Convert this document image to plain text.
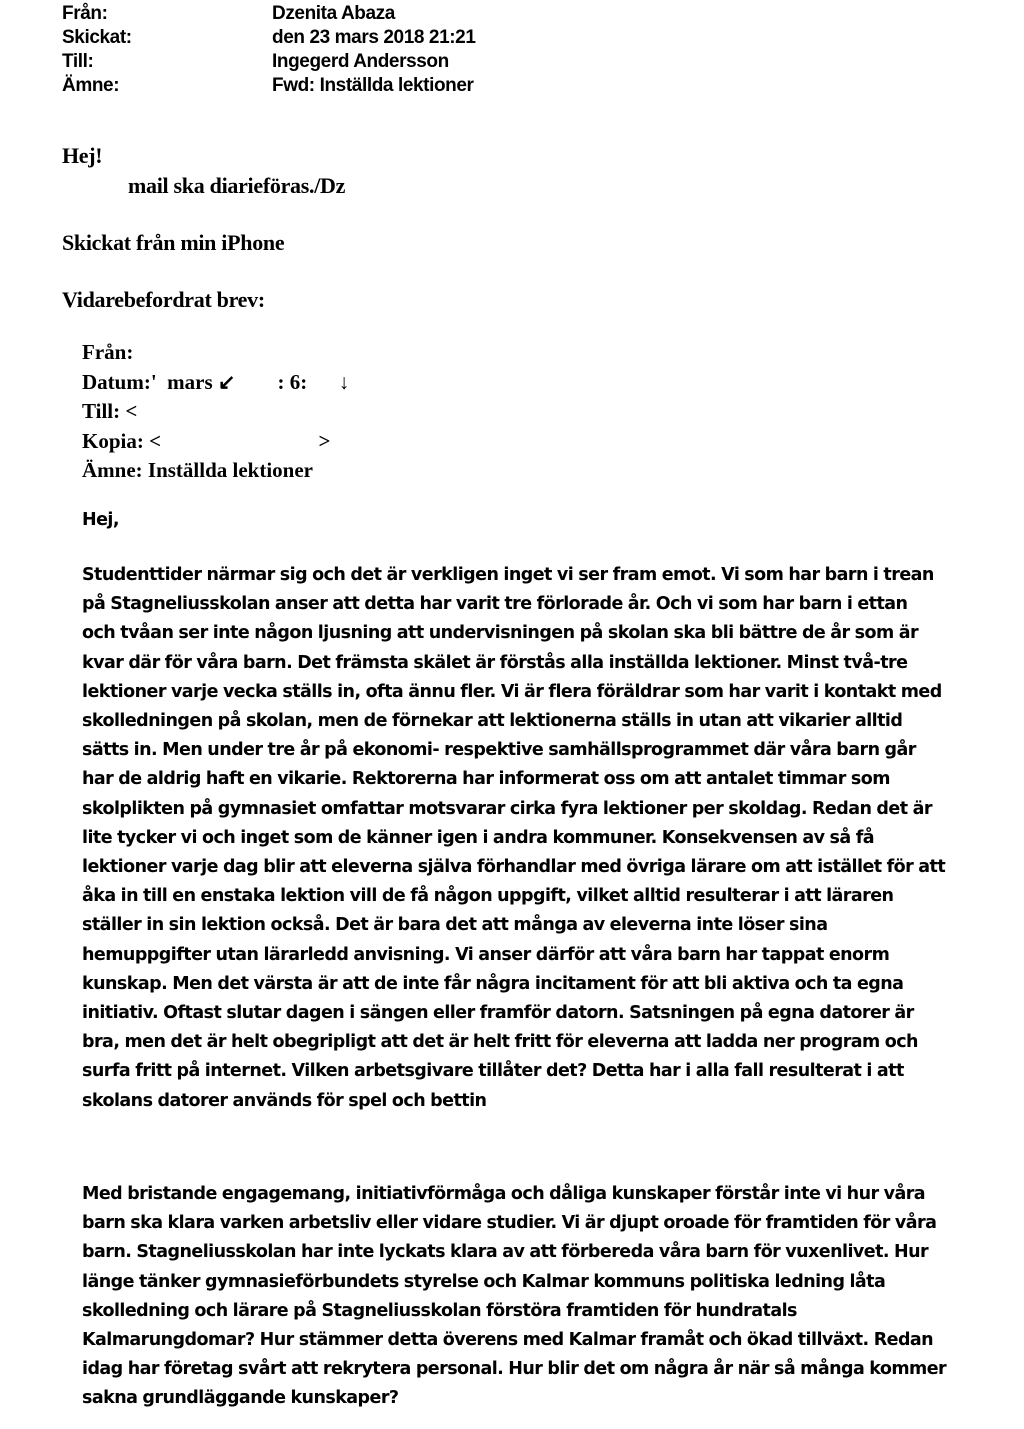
Från:	Dzenita Abaza
Skickat:	den 23 mars 2018 21:21
Till:	Ingegerd Andersson
Ämne:	Fwd: Inställda lektioner
Hej!
mail ska diarieföras./Dz
Skickat från min iPhone
Vidarebefordrat brev:
Från:
Datum:'  mars ↙        : 6:      ↓
Till: <
Kopia: <                              >
Ämne: Inställda lektioner
Hej,
Studenttider närmar sig och det är verkligen inget vi ser fram emot. Vi som har barn i trean
på Stagneliusskolan anser att detta har varit tre förlorade år. Och vi som har barn i ettan
och tvåan ser inte någon ljusning att undervisningen på skolan ska bli bättre de år som är
kvar där för våra barn. Det främsta skälet är förstås alla inställda lektioner. Minst två-tre
lektioner varje vecka ställs in, ofta ännu fler. Vi är flera föräldrar som har varit i kontakt med
skolledningen på skolan, men de förnekar att lektionerna ställs in utan att vikarier alltid
sätts in. Men under tre år på ekonomi- respektive samhällsprogrammet där våra barn går
har de aldrig haft en vikarie. Rektorerna har informerat oss om att antalet timmar som
skolplikten på gymnasiet omfattar motsvarar cirka fyra lektioner per skoldag. Redan det är
lite tycker vi och inget som de känner igen i andra kommuner. Konsekvensen av så få
lektioner varje dag blir att eleverna själva förhandlar med övriga lärare om att istället för att
åka in till en enstaka lektion vill de få någon uppgift, vilket alltid resulterar i att läraren
ställer in sin lektion också. Det är bara det att många av eleverna inte löser sina
hemuppgifter utan lärarledd anvisning. Vi anser därför att våra barn har tappat enorm
kunskap. Men det värsta är att de inte får några incitament för att bli aktiva och ta egna
initiativ. Oftast slutar dagen i sängen eller framför datorn. Satsningen på egna datorer är
bra, men det är helt obegripligt att det är helt fritt för eleverna att ladda ner program och
surfa fritt på internet. Vilken arbetsgivare tillåter det? Detta har i alla fall resulterat i att
skolans datorer används för spel och bettin
Med bristande engagemang, initiativförmåga och dåliga kunskaper förstår inte vi hur våra
barn ska klara varken arbetsliv eller vidare studier. Vi är djupt oroade för framtiden för våra
barn. Stagneliusskolan har inte lyckats klara av att förbereda våra barn för vuxenlivet. Hur
länge tänker gymnasieförbundets styrelse och Kalmar kommuns politiska ledning låta
skolledning och lärare på Stagneliusskolan förstöra framtiden för hundratals
Kalmarungdomar? Hur stämmer detta överens med Kalmar framåt och ökad tillväxt. Redan
idag har företag svårt att rekrytera personal. Hur blir det om några år när så många kommer
sakna grundläggande kunskaper?
